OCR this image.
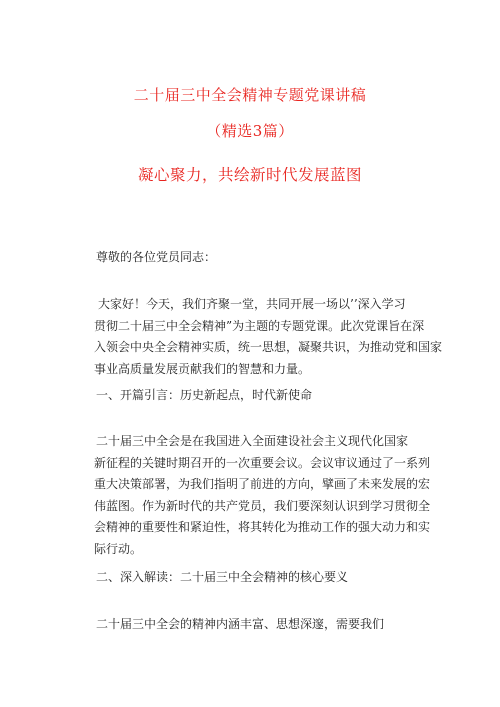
二十届三中全会精神专题党课讲稿
（精选3篇）
凝心聚力，共绘新时代发展蓝图
尊敬的各位党员同志：
大家好！今天，我们齐聚一堂，共同开展一场以’’深入学习
贯彻二十届三中全会精神”为主题的专题党课。此次党课旨在深
入领会中央全会精神实质，统一思想，凝聚共识，为推动党和国家
事业高质量发展贡献我们的智慧和力量。
一、开篇引言：历史新起点，时代新使命
二十届三中全会是在我国进入全面建设社会主义现代化国家
新征程的关键时期召开的一次重要会议。会议审议通过了一系列
重大决策部署，为我们指明了前进的方向，擘画了未来发展的宏
伟蓝图。作为新时代的共产党员，我们要深刻认识到学习贯彻全
会精神的重要性和紧迫性，将其转化为推动工作的强大动力和实
际行动。
二、深入解读：二十届三中全会精神的核心要义
二十届三中全会的精神内涵丰富、思想深邃，需要我们
